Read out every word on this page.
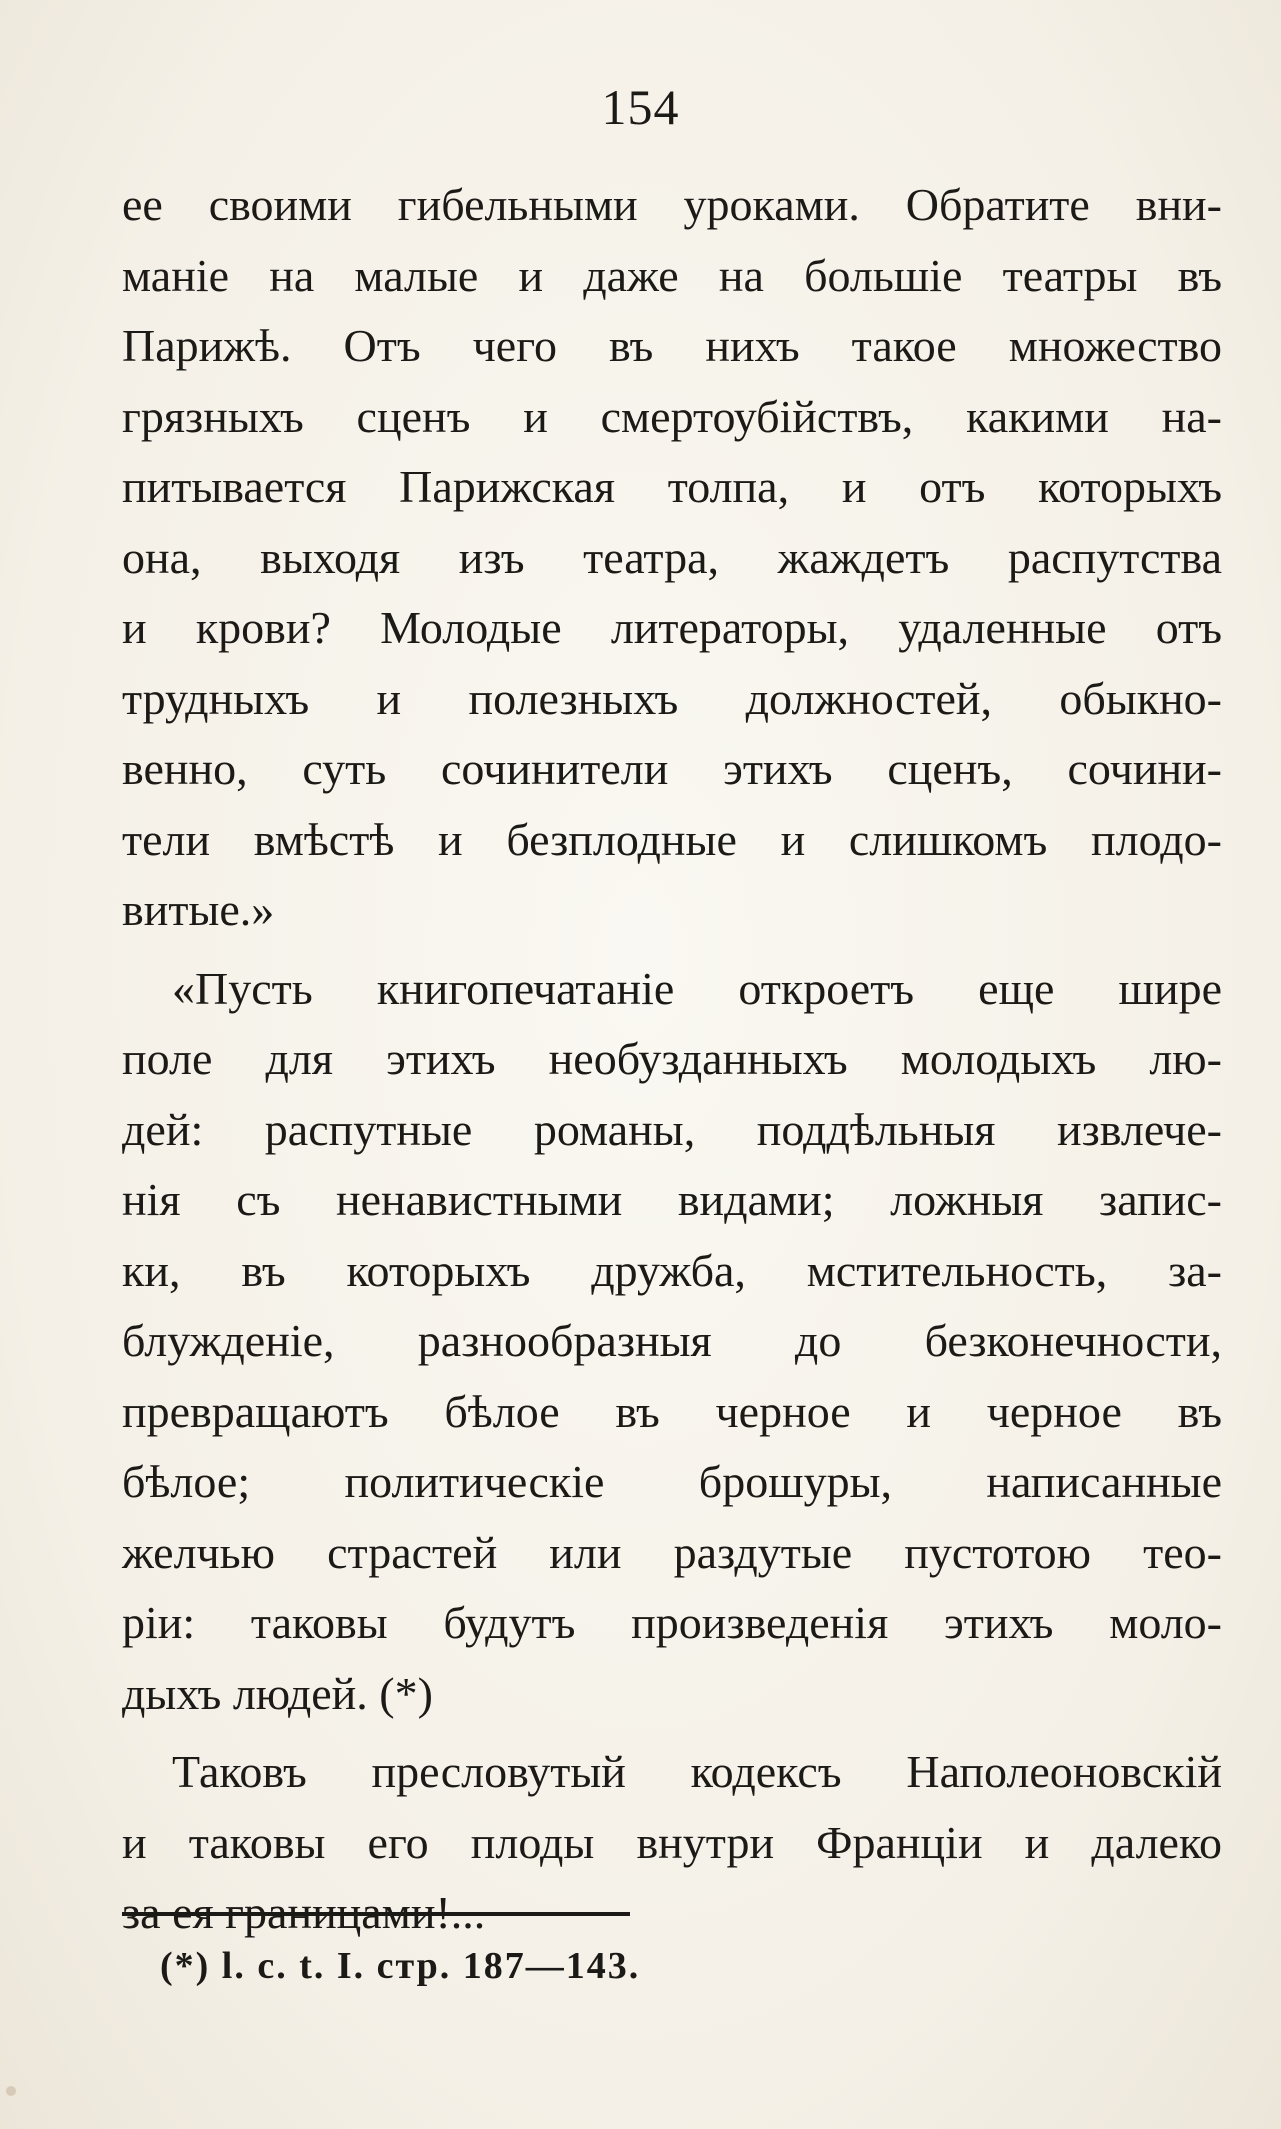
154
ее своими гибельными уроками. Обратите вни-
маніе на малые и даже на большіе театры въ
Парижѣ. Отъ чего въ нихъ такое множество
грязныхъ сценъ и смертоубійствъ, какими на-
питывается Парижская толпа, и отъ которыхъ
она, выходя изъ театра, жаждетъ распутства
и крови? Молодые литераторы, удаленные отъ
трудныхъ и полезныхъ должностей, обыкно-
венно, суть сочинители этихъ сценъ, сочини-
тели вмѣстѣ и безплодные и слишкомъ плодо-
витые.»
«Пусть книгопечатаніе откроетъ еще шире
поле для этихъ необузданныхъ молодыхъ лю-
дей: распутные романы, поддѣльныя извлече-
нія съ ненавистными видами; ложныя запис-
ки, въ которыхъ дружба, мстительность, за-
блужденіе, разнообразныя до безконечности,
превращаютъ бѣлое въ черное и черное въ
бѣлое; политическіе брошуры, написанные
желчью страстей или раздутые пустотою тео-
ріи: таковы будутъ произведенія этихъ моло-
дыхъ людей. (*)
Таковъ пресловутый кодексъ Наполеоновскій
и таковы его плоды внутри Франціи и далеко
за ея границами!...
(*) l. c. t. I. стр. 187—143.
